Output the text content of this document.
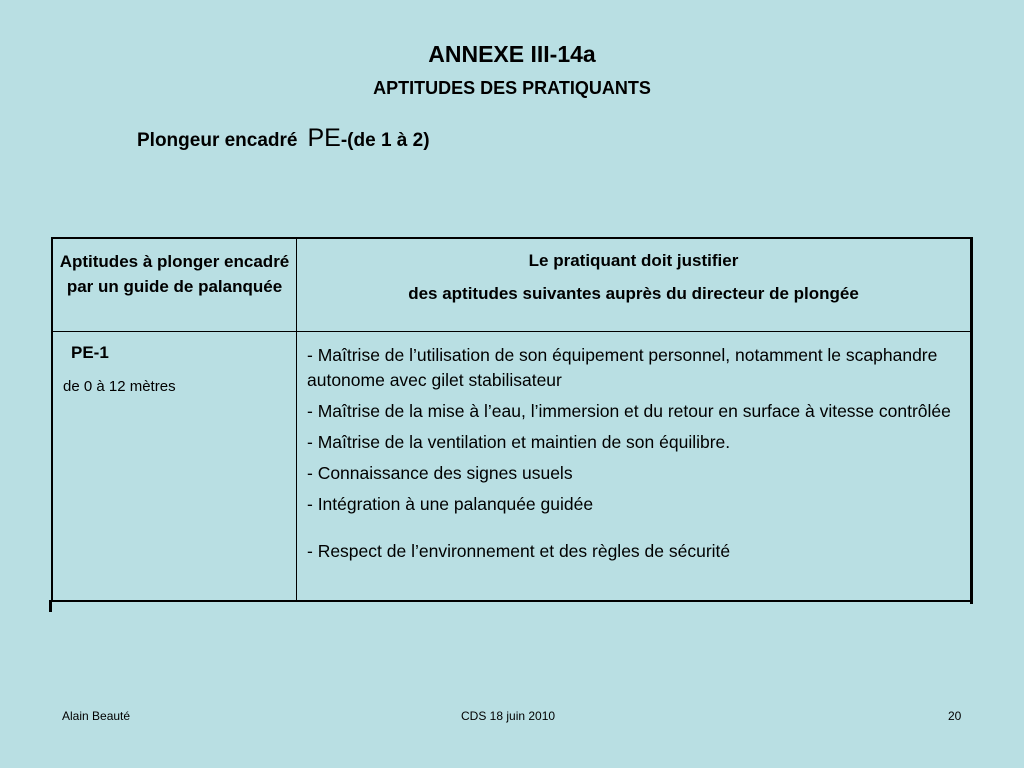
ANNEXE III-14a
APTITUDES DES PRATIQUANTS
Plongeur encadré PE-(de 1 à 2)
Aptitudes à plonger encadré par un guide de palanquée
Le pratiquant doit justifier
des aptitudes suivantes auprès du directeur de plongée
PE-1
de 0 à 12 mètres
- Maîtrise de l’utilisation de son équipement personnel, notamment le scaphandre autonome avec gilet stabilisateur
- Maîtrise de la mise à l’eau, l’immersion et du retour en surface à vitesse contrôlée
- Maîtrise de la ventilation et maintien de son équilibre.
- Connaissance des signes usuels
- Intégration à une palanquée guidée
- Respect de l’environnement et des règles de sécurité
Alain Beauté	CDS 18 juin 2010	20
